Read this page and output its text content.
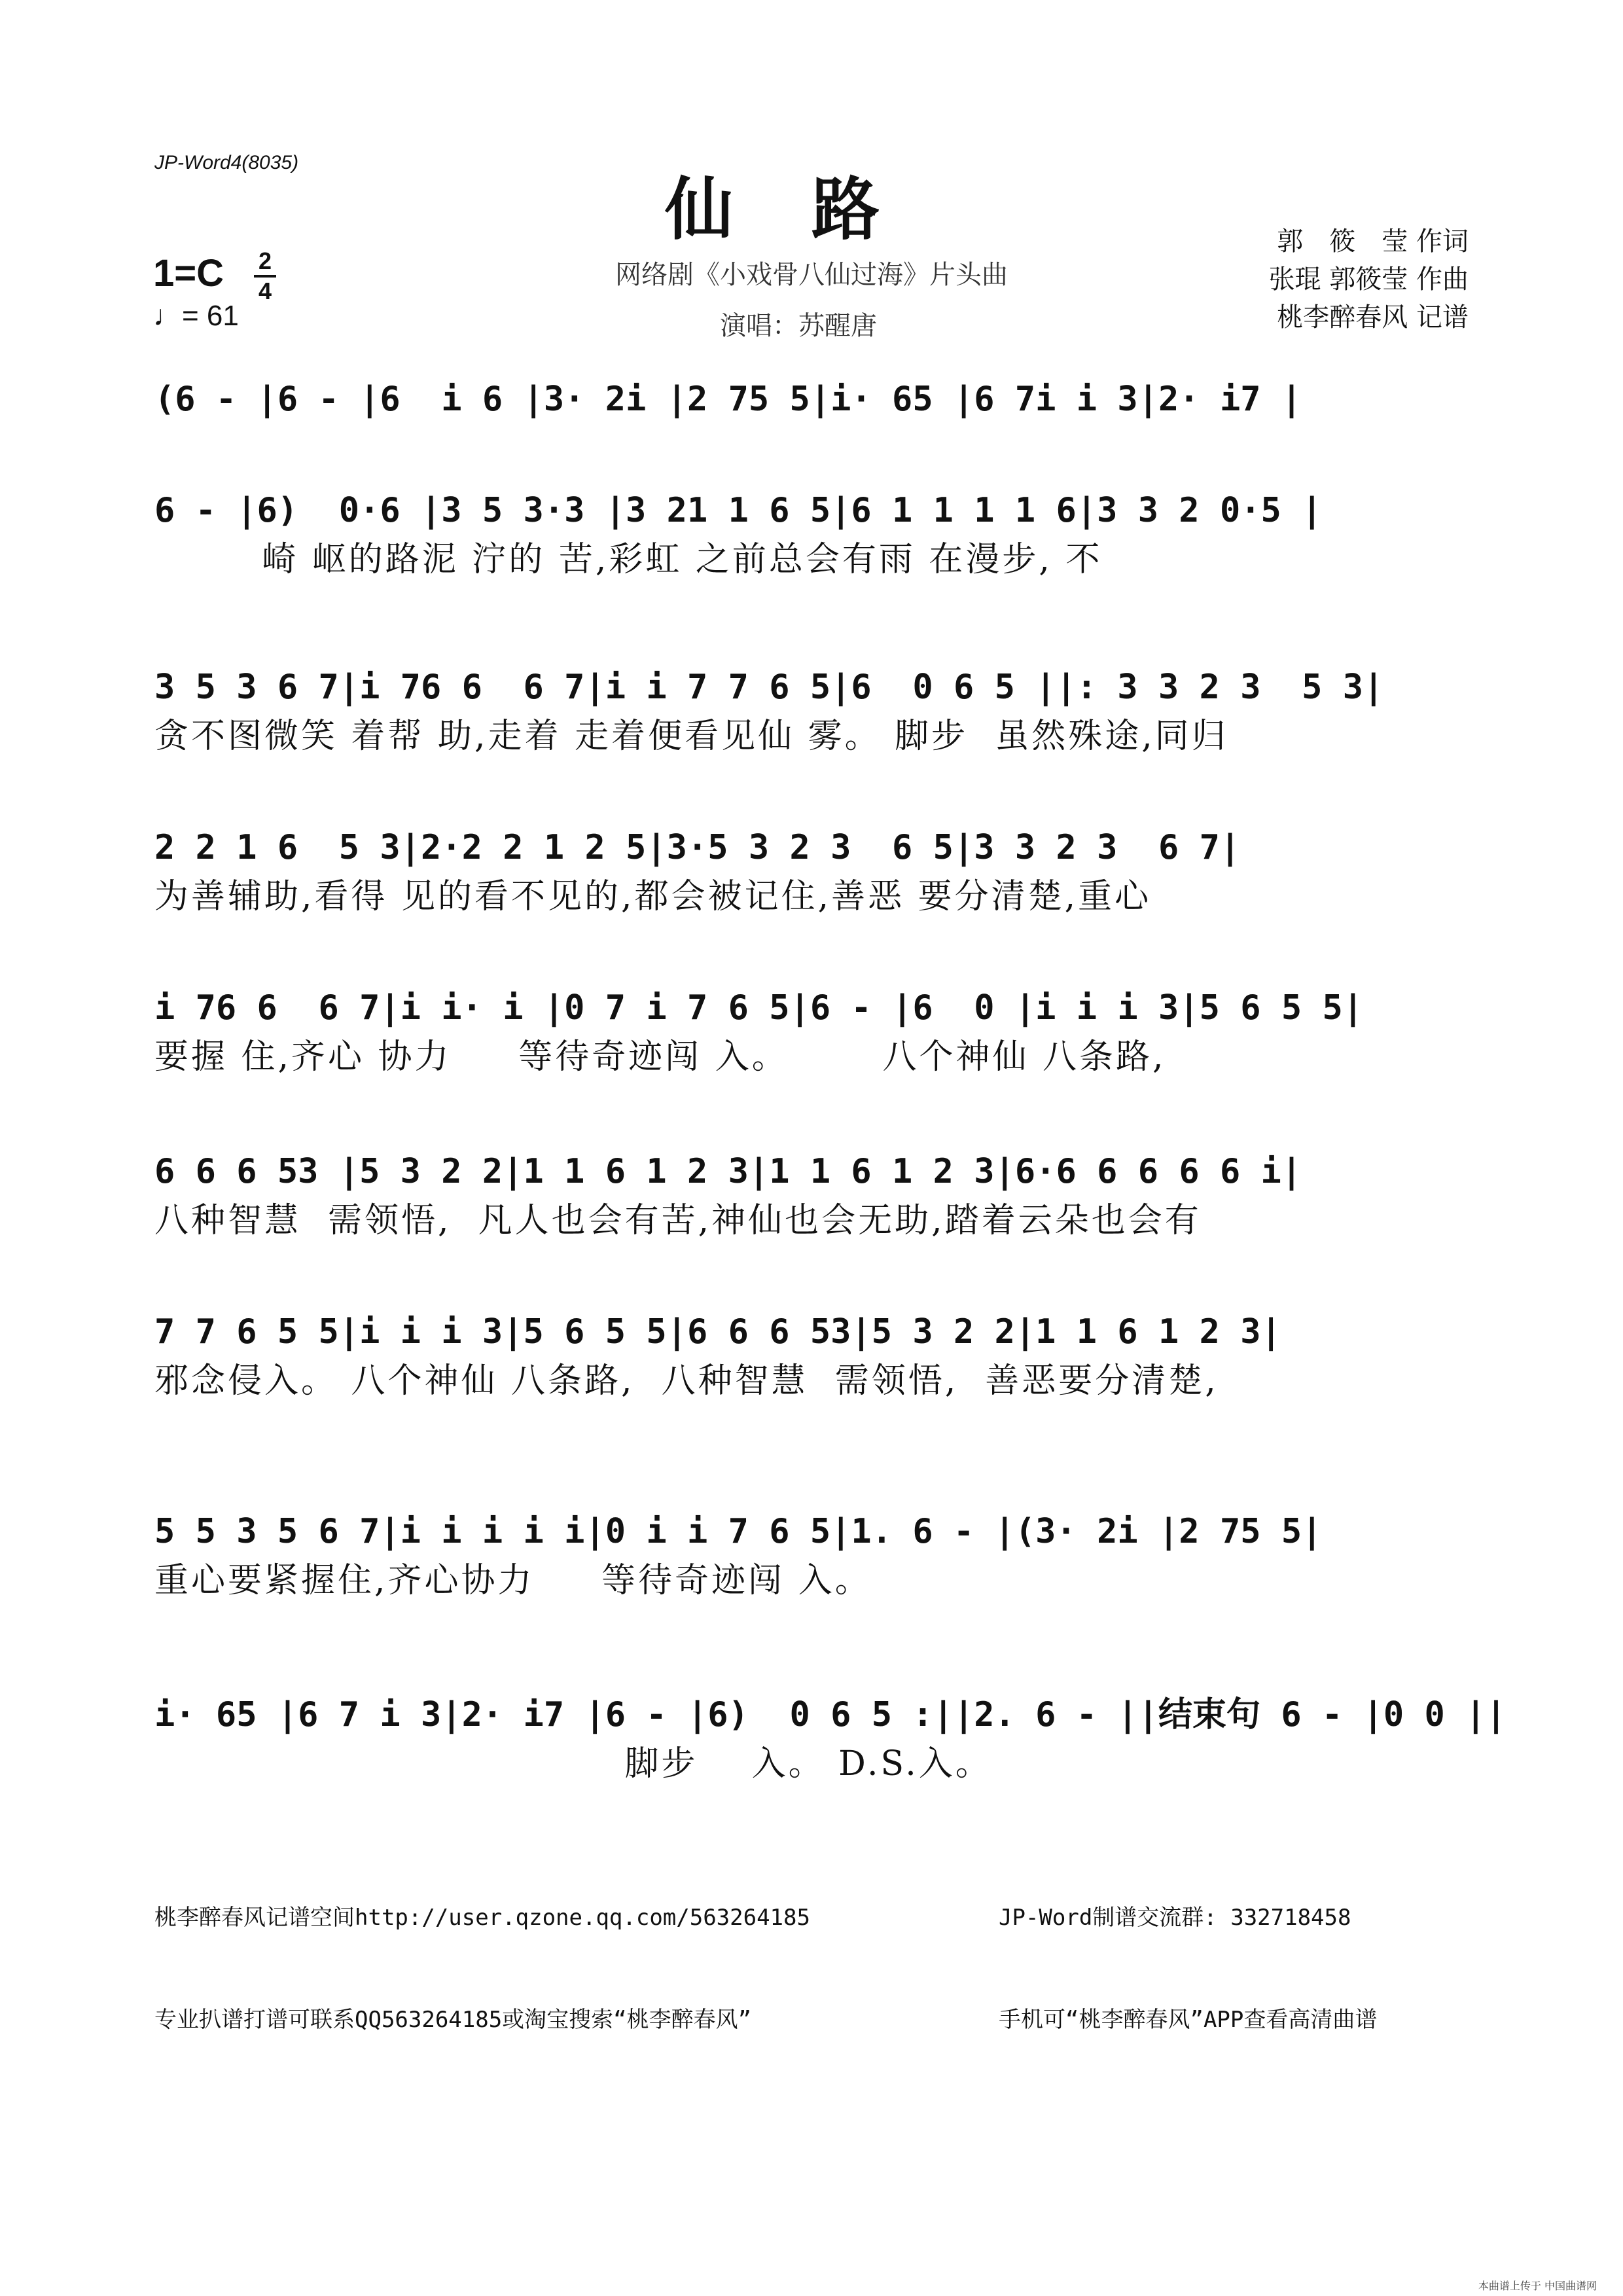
JP-Word4(8035)
仙路
1=C 2
4
♩= 61
网络剧《小戏骨八仙过海》片头曲
演唱：苏醒唐
郭　筱　莹 作词
张琨 郭筱莹 作曲
桃李醉春风 记谱
(6 - |6 - |6  i 6 |3· 2i |2 75 5|i· 65 |6 7i i 3|2· i7 |
6 - |6)  0·6 |3 5 3·3 |3 21 1 6 5|6 1 1 1 1 6|3 3 2 0·5 |
崎 岖的路泥 泞的 苦,彩虹 之前总会有雨 在漫步, 不
3 5 3 6 7|i 76 6  6 7|i i 7 7 6 5|6  0 6 5 ||: 3 3 2 3  5 3|
贪不图微笑 着帮 助,走着 走着便看见仙 雾。 脚步  虽然殊途,同归
2 2 1 6  5 3|2·2 2 1 2 5|3·5 3 2 3  6 5|3 3 2 3  6 7|
为善辅助,看得 见的看不见的,都会被记住,善恶 要分清楚,重心
i 76 6  6 7|i i· i |0 7 i 7 6 5|6 - |6  0 |i i i 3|5 6 5 5|
要握 住,齐心 协力     等待奇迹闯 入。       八个神仙 八条路,
6 6 6 53 |5 3 2 2|1 1 6 1 2 3|1 1 6 1 2 3|6·6 6 6 6 6 i|
八种智慧  需领悟,  凡人也会有苦,神仙也会无助,踏着云朵也会有
7 7 6 5 5|i i i 3|5 6 5 5|6 6 6 53|5 3 2 2|1 1 6 1 2 3|
邪念侵入。 八个神仙 八条路,  八种智慧  需领悟,  善恶要分清楚,
5 5 3 5 6 7|i i i i i|0 i i 7 6 5|1. 6 - |(3· 2i |2 75 5|
重心要紧握住,齐心协力     等待奇迹闯 入。
i· 65 |6 7 i 3|2· i7 |6 - |6)  0 6 5 :||2. 6 - ||结束句 6 - |0 0 ||
脚步    入。 D.S.入。

桃李醉春风记谱空间http://user.qzone.qq.com/563264185

专业扒谱打谱可联系QQ563264185或淘宝搜索“桃李醉春风”

JP-Word制谱交流群: 332718458

手机可“桃李醉春风”APP查看高清曲谱

本曲谱上传于 中国曲谱网
